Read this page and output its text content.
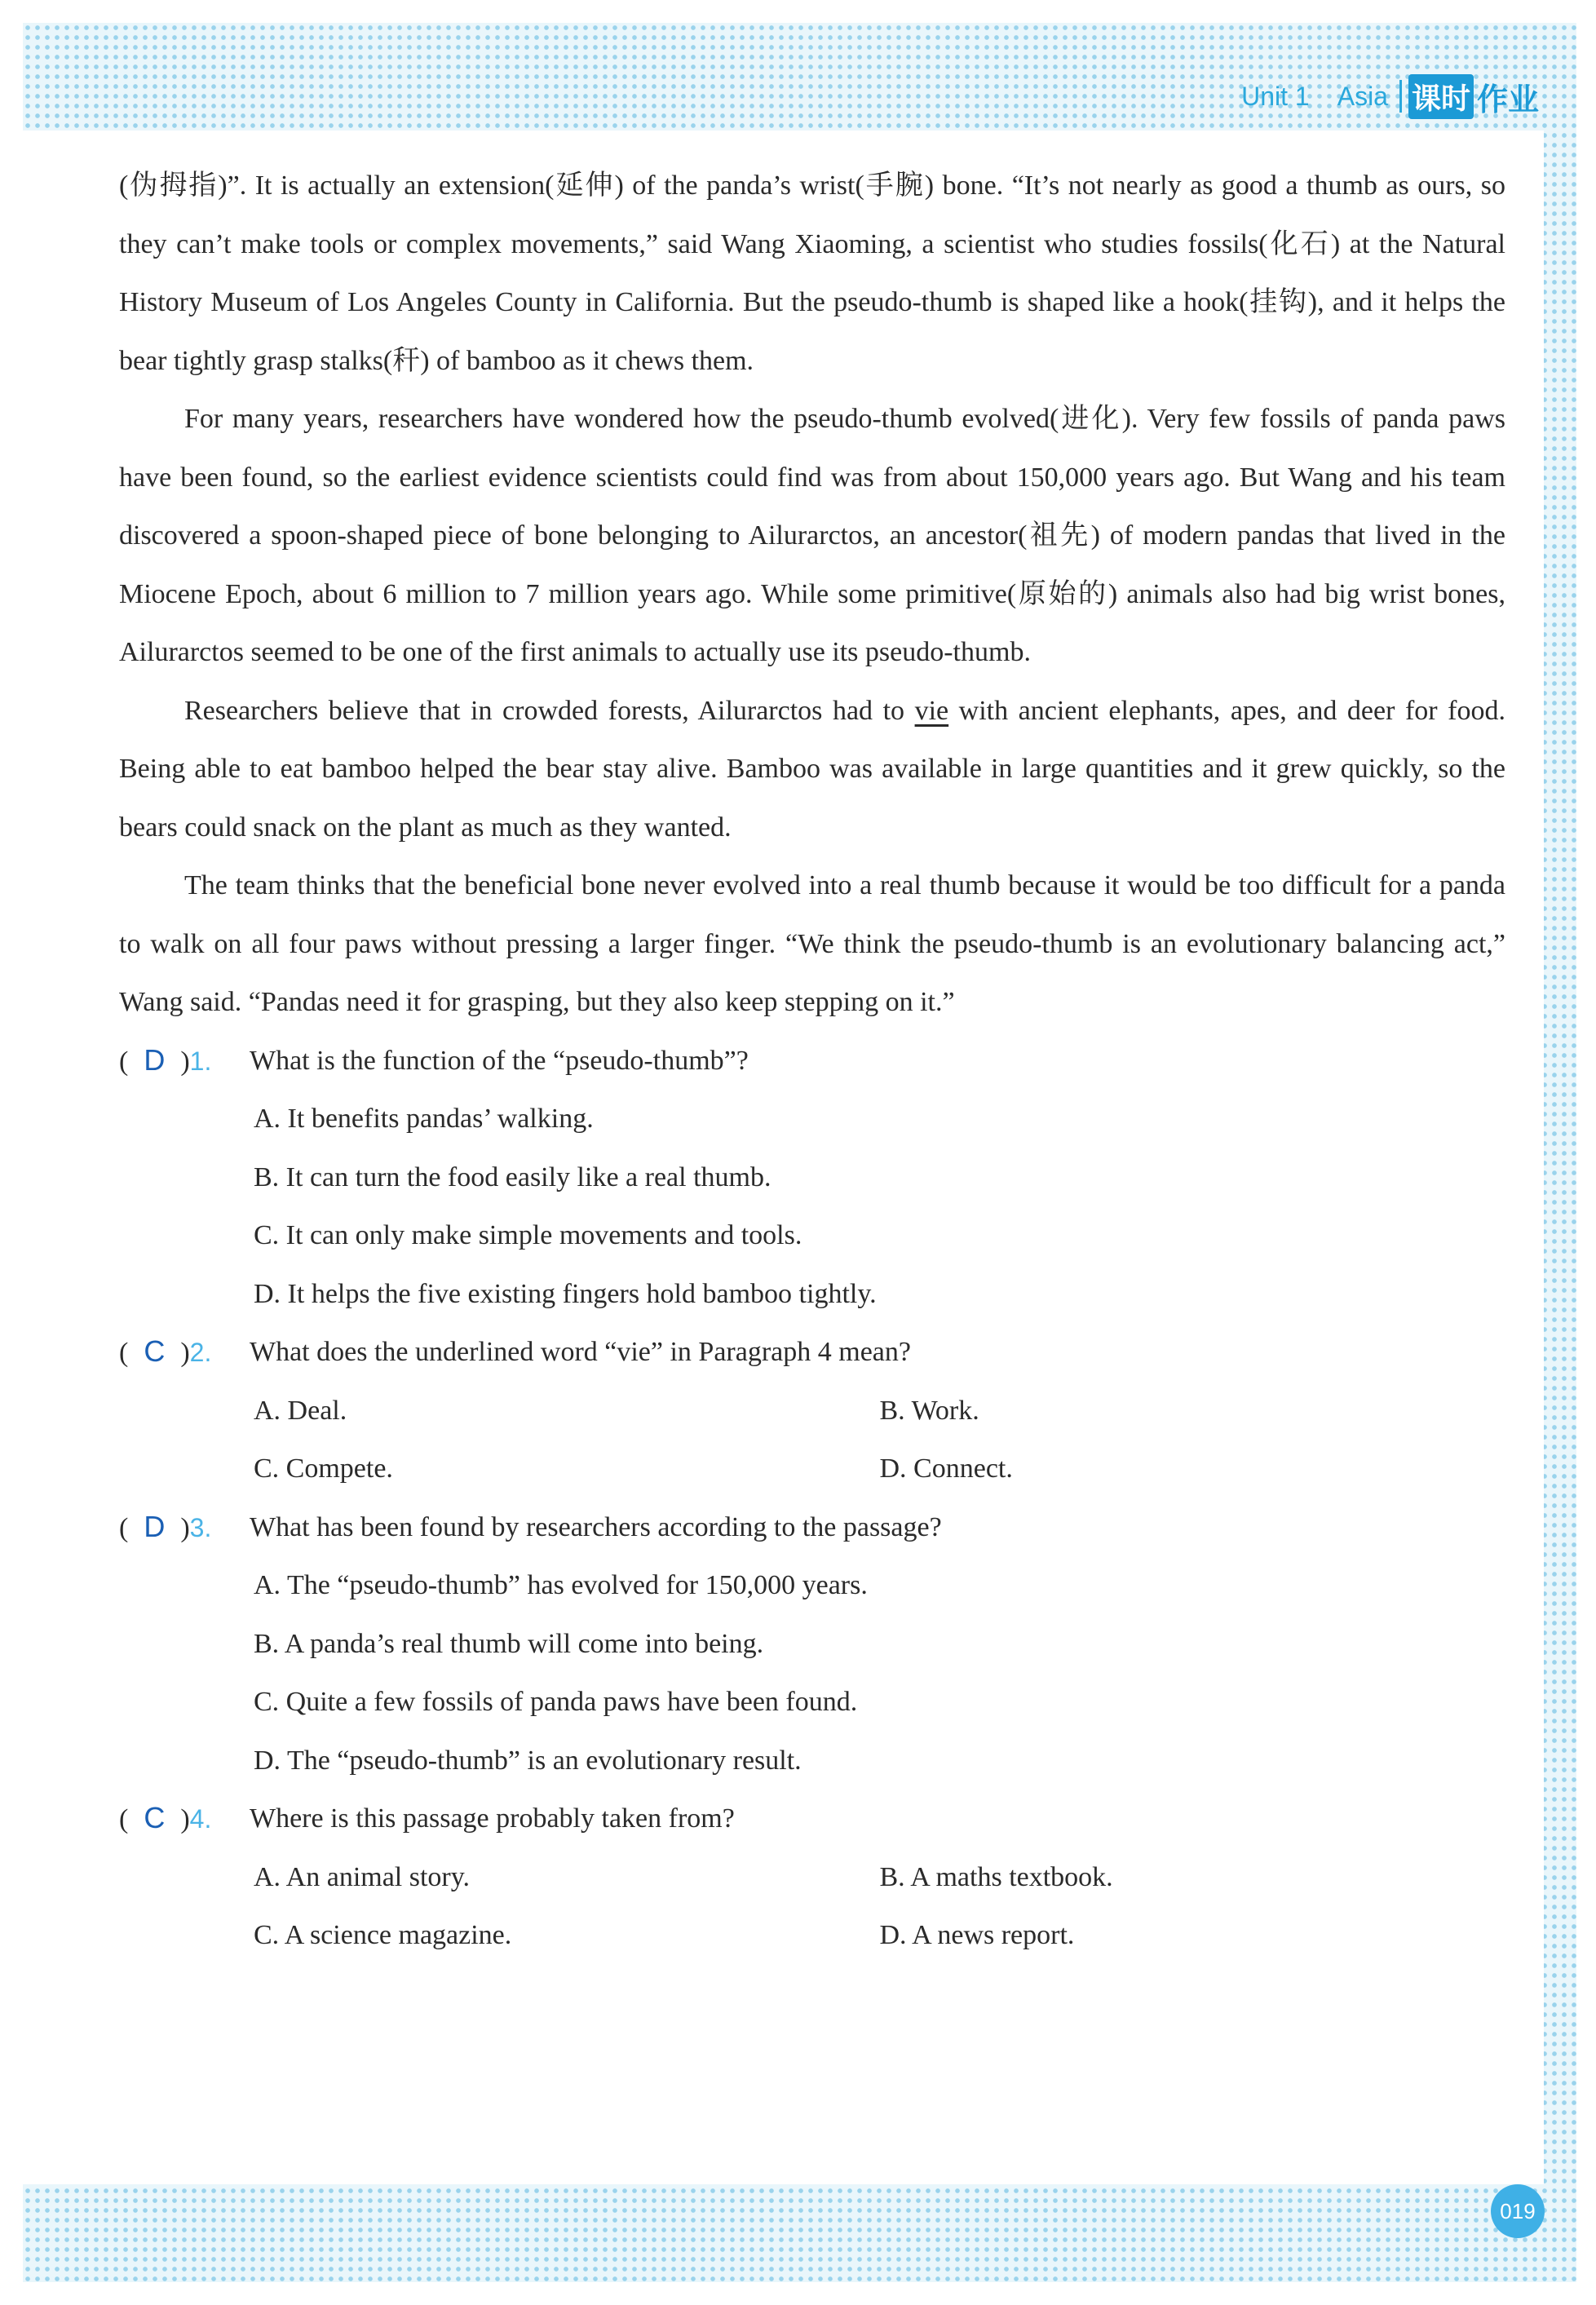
Unit 1 Asia 课时 作业

(伪拇指)”. It is actually an extension(延伸) of the panda’s wrist(手腕) bone. “It’s not nearly as good a thumb as ours, so they can’t make tools or complex movements,” said Wang Xiaoming, a scientist who studies fossils(化石) at the Natural History Museum of Los Angeles County in California. But the pseudo-thumb is shaped like a hook(挂钩), and it helps the bear tightly grasp stalks(秆) of bamboo as it chews them.

For many years, researchers have wondered how the pseudo-thumb evolved(进化). Very few fossils of panda paws have been found, so the earliest evidence scientists could find was from about 150,000 years ago. But Wang and his team discovered a spoon-shaped piece of bone belonging to Ailurarctos, an ancestor(祖先) of modern pandas that lived in the Miocene Epoch, about 6 million to 7 million years ago. While some primitive(原始的) animals also had big wrist bones, Ailurarctos seemed to be one of the first animals to actually use its pseudo-thumb.

Researchers believe that in crowded forests, Ailurarctos had to vie with ancient elephants, apes, and deer for food. Being able to eat bamboo helped the bear stay alive. Bamboo was available in large quantities and it grew quickly, so the bears could snack on the plant as much as they wanted.

The team thinks that the beneficial bone never evolved into a real thumb because it would be too difficult for a panda to walk on all four paws without pressing a larger finger. “We think the pseudo-thumb is an evolutionary balancing act,” Wang said. “Pandas need it for grasping, but they also keep stepping on it.”

( D )1.	What is the function of the “pseudo-thumb”?
A. It benefits pandas’ walking.
B. It can turn the food easily like a real thumb.
C. It can only make simple movements and tools.
D. It helps the five existing fingers hold bamboo tightly.
( C )2.	What does the underlined word “vie” in Paragraph 4 mean?
A. Deal.	B. Work.
C. Compete.	D. Connect.
( D )3.	What has been found by researchers according to the passage?
A. The “pseudo-thumb” has evolved for 150,000 years.
B. A panda’s real thumb will come into being.
C. Quite a few fossils of panda paws have been found.
D. The “pseudo-thumb” is an evolutionary result.
( C )4.	Where is this passage probably taken from?
A. An animal story.	B. A maths textbook.
C. A science magazine.	D. A news report.
019
